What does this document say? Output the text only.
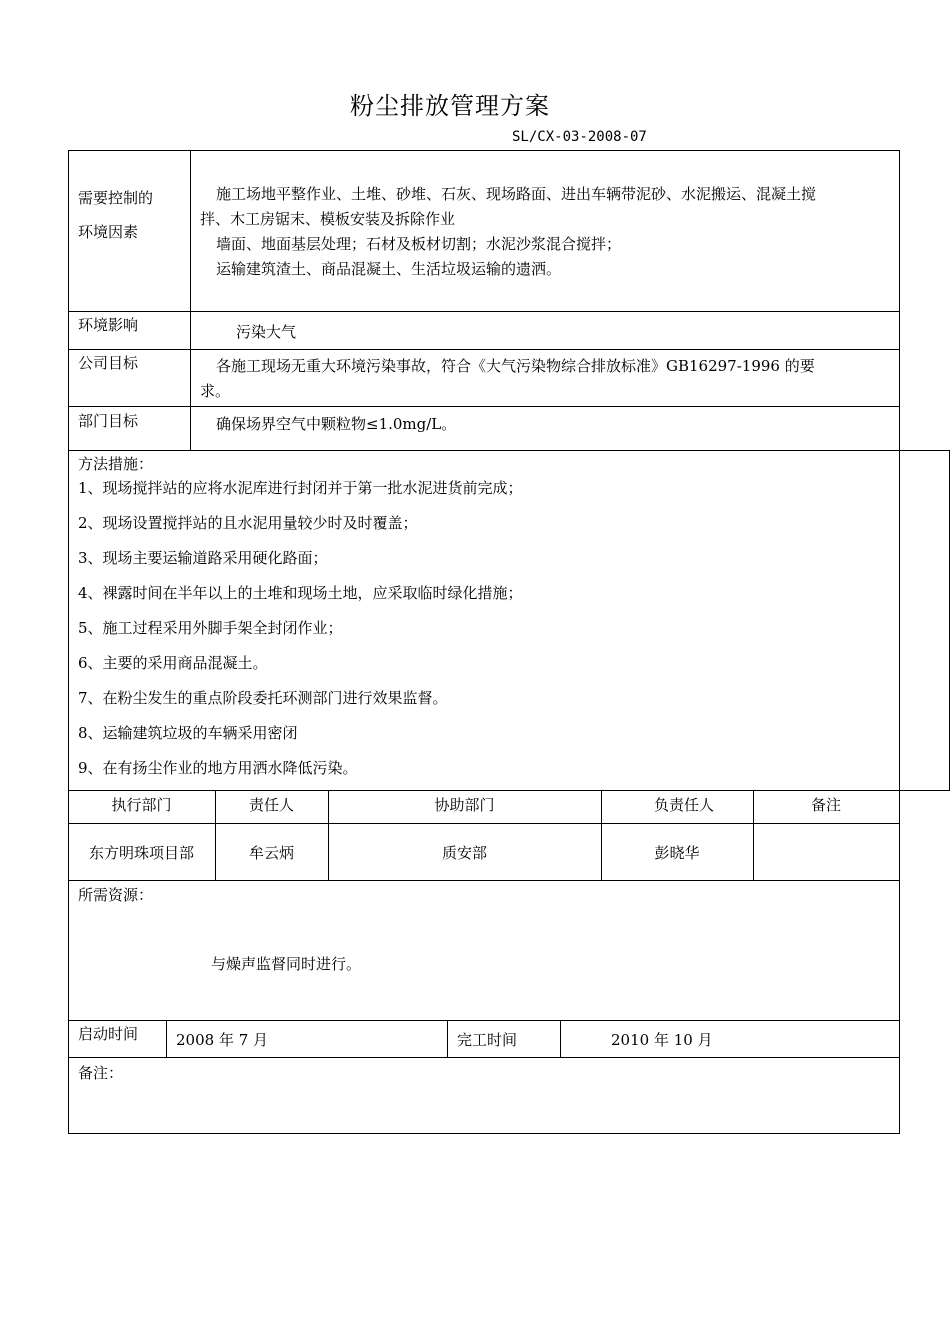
粉尘排放管理方案
SL/CX-03-2008-07
需要控制的
环境因素
施工场地平整作业、土堆、砂堆、石灰、现场路面、进出车辆带泥砂、水泥搬运、混凝土搅
拌、木工房锯末、模板安装及拆除作业
墙面、地面基层处理；石材及板材切割；水泥沙浆混合搅拌；
运输建筑渣土、商品混凝土、生活垃圾运输的遗洒。
环境影响	污染大气
公司目标	各施工现场无重大环境污染事故，符合《大气污染物综合排放标准》GB16297-1996 的要
求。
部门目标	确保场界空气中颗粒物≤1.0mg/L。
方法措施：
1、现场搅拌站的应将水泥库进行封闭并于第一批水泥进货前完成；
2、现场设置搅拌站的且水泥用量较少时及时覆盖；
3、现场主要运输道路采用硬化路面；
4、裸露时间在半年以上的土堆和现场土地，应采取临时绿化措施；
5、施工过程采用外脚手架全封闭作业；
6、主要的采用商品混凝土。
7、在粉尘发生的重点阶段委托环测部门进行效果监督。
8、运输建筑垃圾的车辆采用密闭
9、在有扬尘作业的地方用洒水降低污染。
执行部门	责任人	协助部门	负责任人	备注
东方明珠项目部	牟云炳	质安部	彭晓华
所需资源：
与燥声监督同时进行。
启动时间	2008 年 7 月	完工时间	2010 年 10 月
备注：
